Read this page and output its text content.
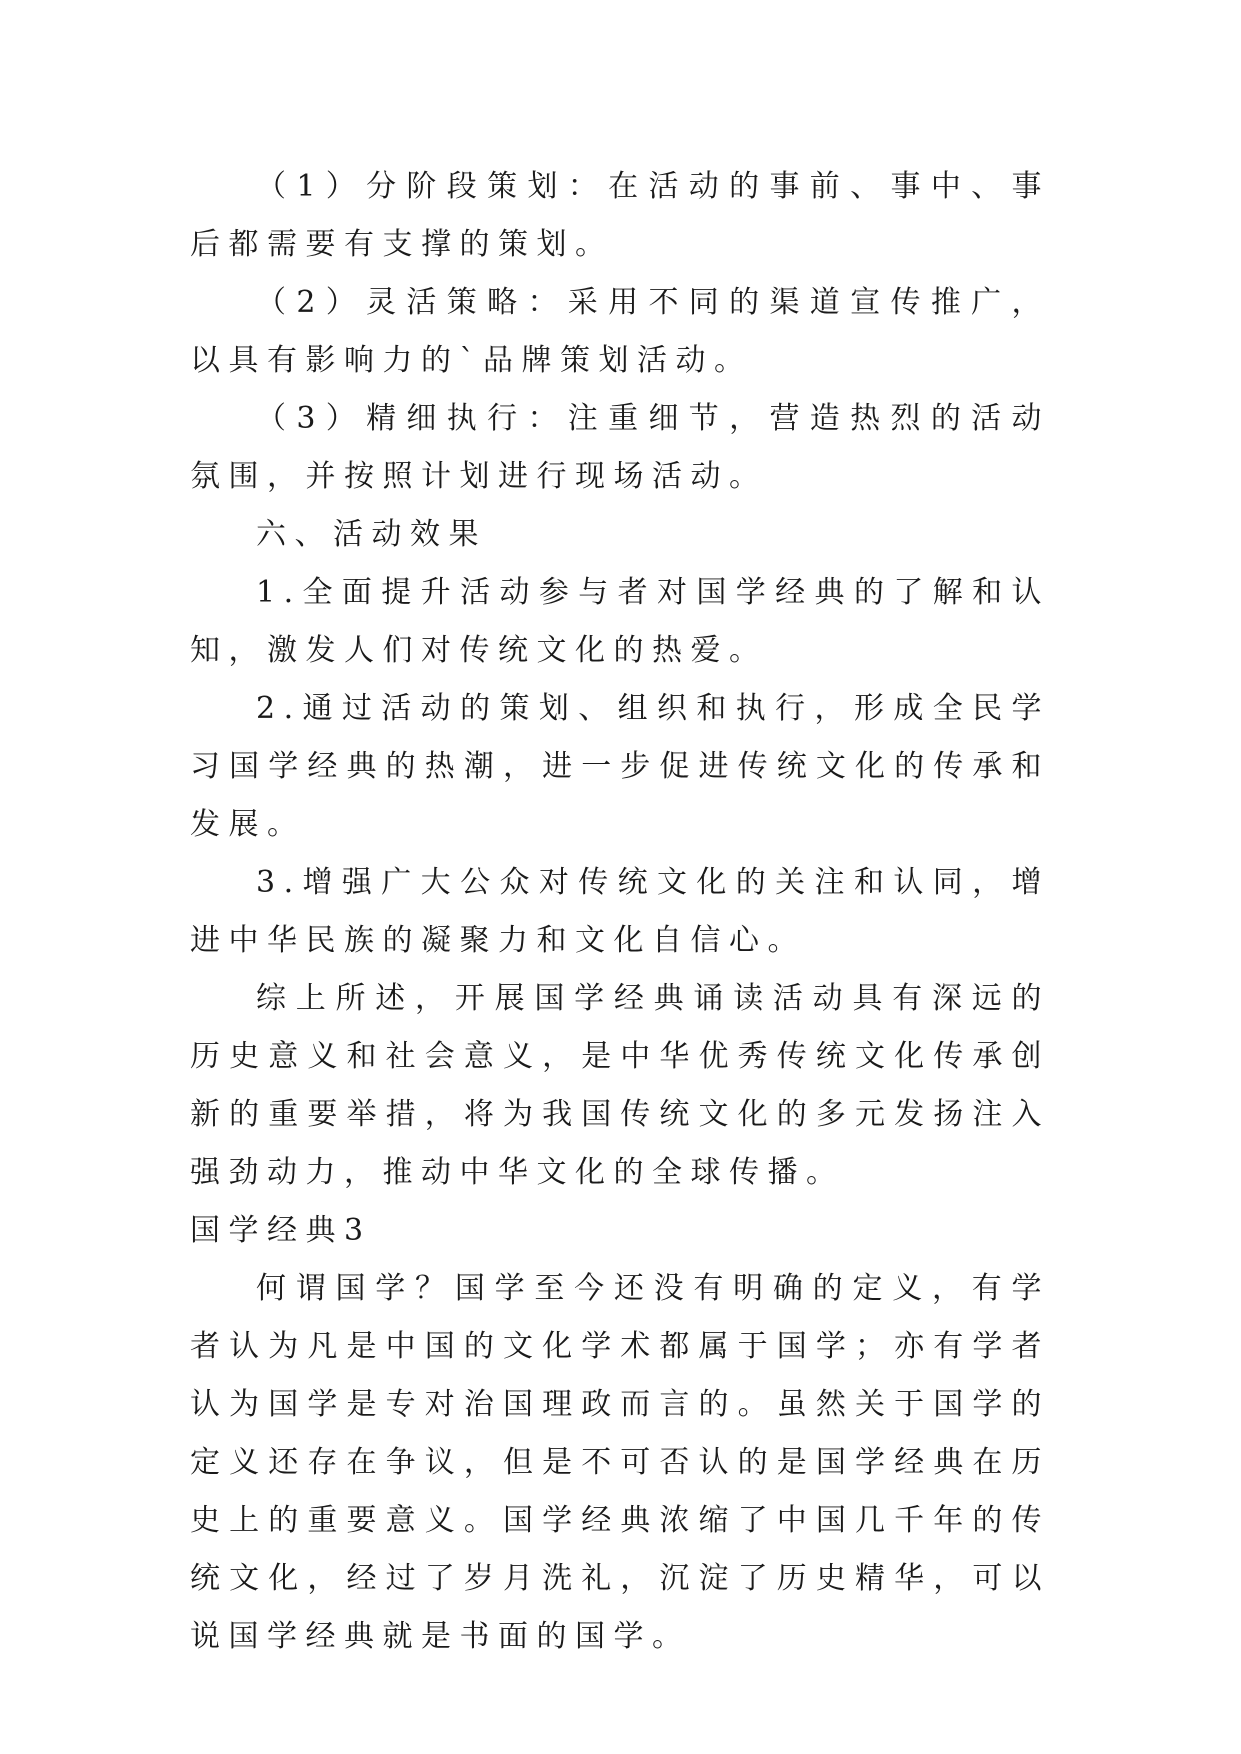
（1）分阶段策划：在活动的事前、事中、事后都需要有支撑的策划。

（2）灵活策略：采用不同的渠道宣传推广，以具有影响力的`品牌策划活动。

（3）精细执行：注重细节，营造热烈的活动氛围，并按照计划进行现场活动。

六、活动效果

1.全面提升活动参与者对国学经典的了解和认知，激发人们对传统文化的热爱。

2.通过活动的策划、组织和执行，形成全民学习国学经典的热潮，进一步促进传统文化的传承和发展。

3.增强广大公众对传统文化的关注和认同，增进中华民族的凝聚力和文化自信心。

综上所述，开展国学经典诵读活动具有深远的历史意义和社会意义，是中华优秀传统文化传承创新的重要举措，将为我国传统文化的多元发扬注入强劲动力，推动中华文化的全球传播。

国学经典3

何谓国学？国学至今还没有明确的定义，有学者认为凡是中国的文化学术都属于国学；亦有学者认为国学是专对治国理政而言的。虽然关于国学的定义还存在争议，但是不可否认的是国学经典在历史上的重要意义。国学经典浓缩了中国几千年的传统文化，经过了岁月洗礼，沉淀了历史精华，可以说国学经典就是书面的国学。
